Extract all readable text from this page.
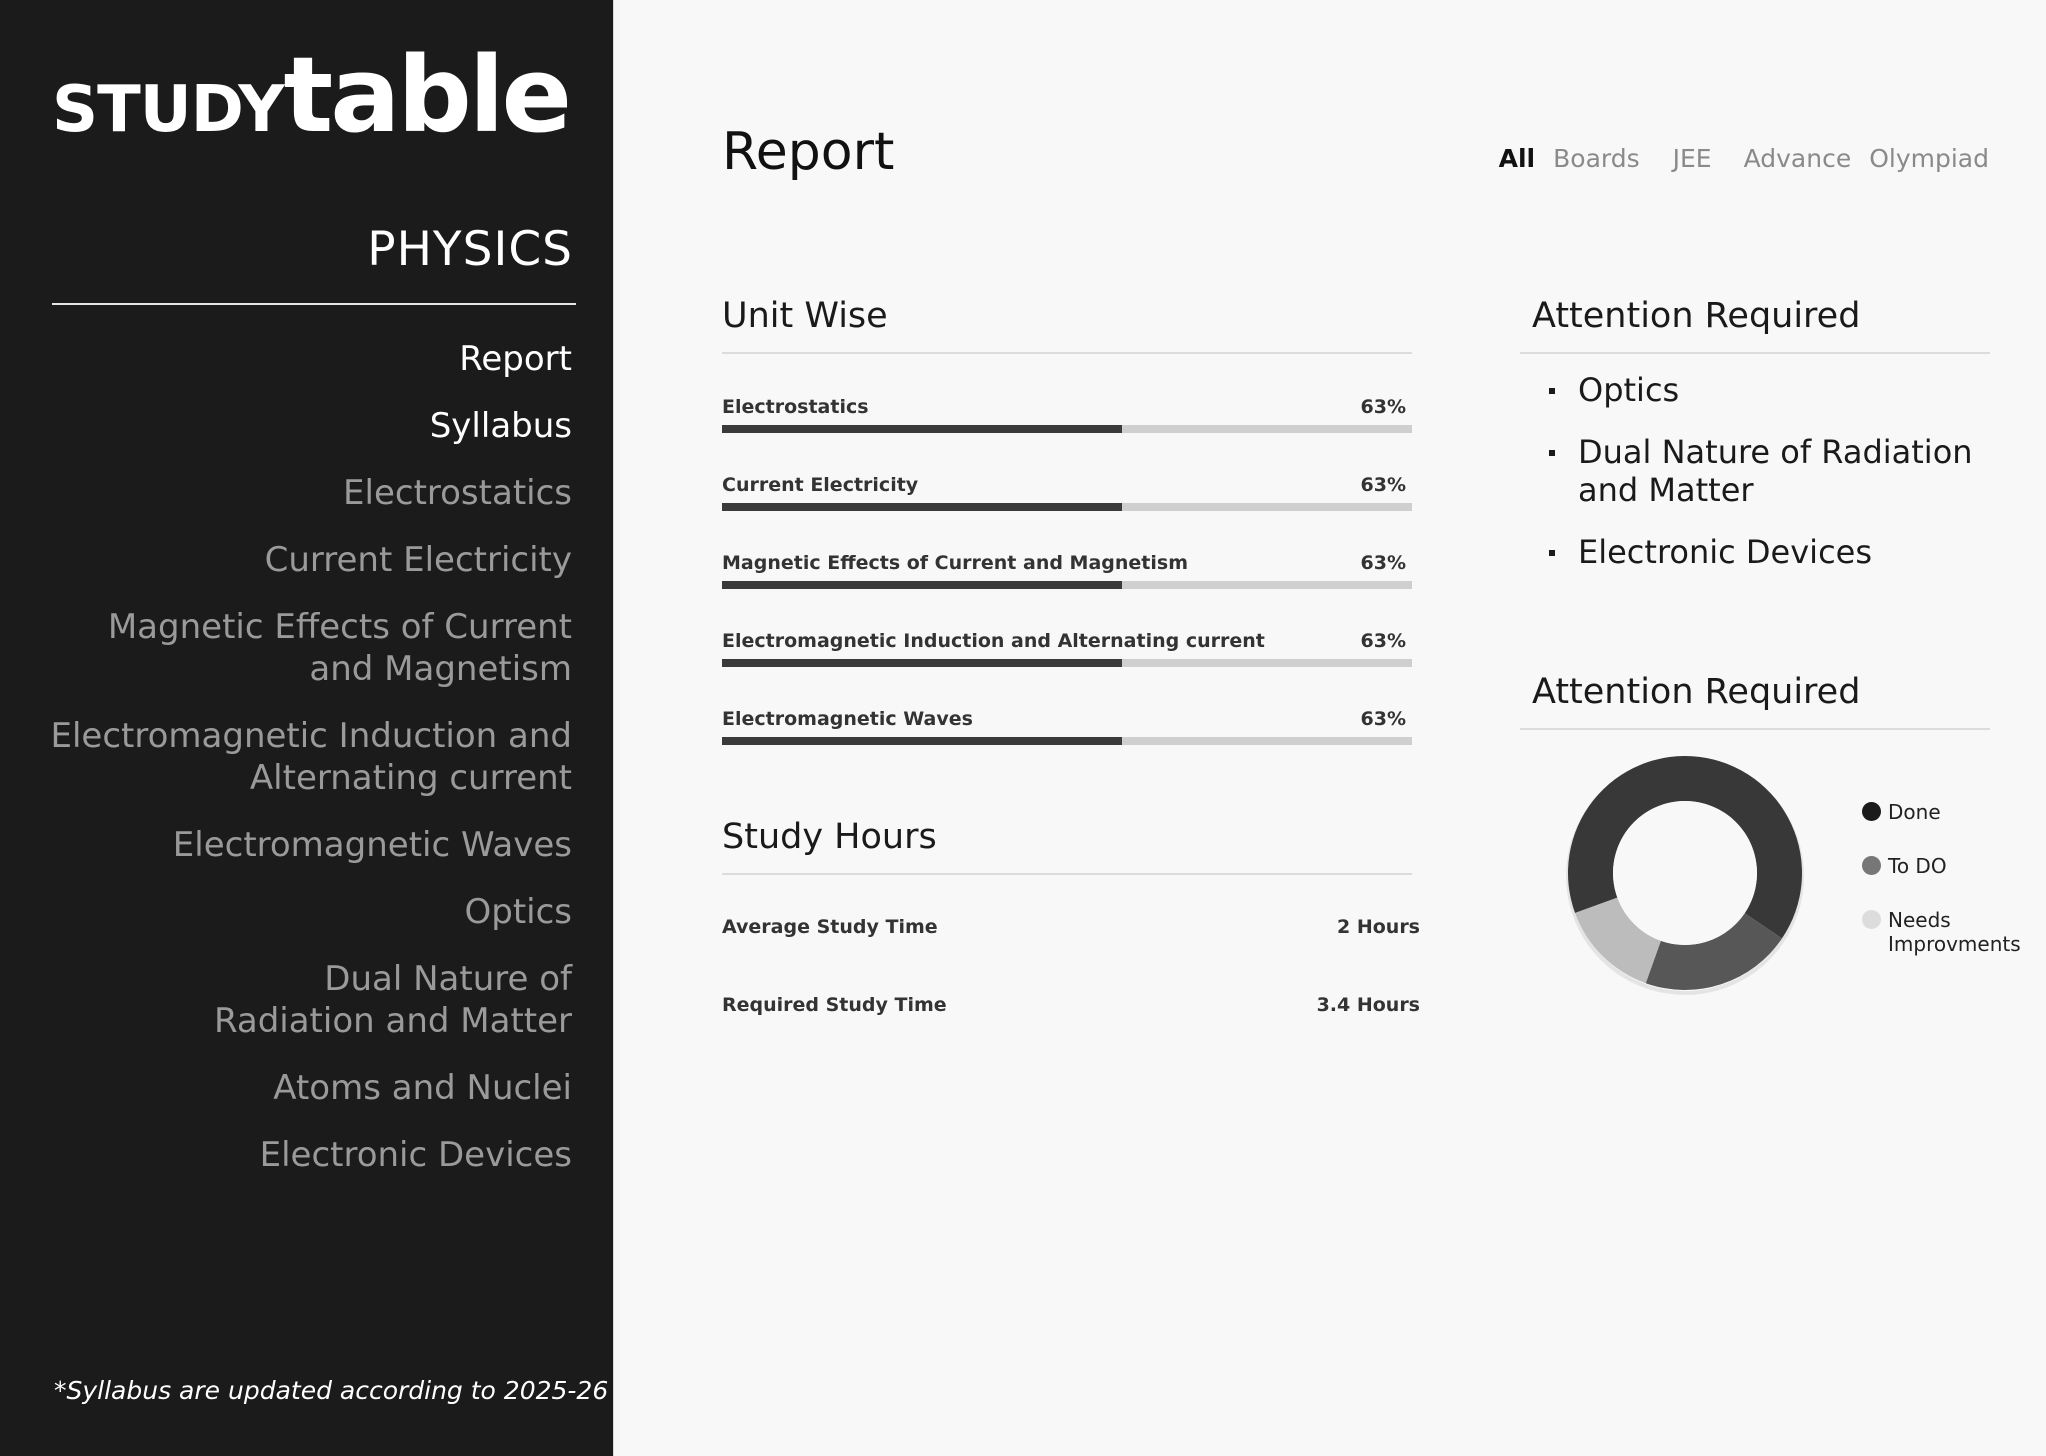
STUDYtable
PHYSICS
Report
Syllabus
Electrostatics
Current Electricity
Magnetic Effects of Current
and Magnetism
Electromagnetic Induction and
Alternating current
Electromagnetic Waves
Optics
Dual Nature of
Radiation and Matter
Atoms and Nuclei
Electronic Devices
*Syllabus are updated according to 2025-26
Report	All Boards JEE Advance Olympiad
Unit Wise
Electrostatics	63%
Current Electricity	63%
Magnetic Effects of Current and Magnetism	63%
Electromagnetic Induction and Alternating current	63%
Electromagnetic Waves	63%
Study Hours
Average Study Time	2 Hours
Required Study Time	3.4 Hours
Attention Required
Optics
Dual Nature of Radiation
and Matter
Electronic Devices
Attention Required
Done
To DO
Needs
Improvments
